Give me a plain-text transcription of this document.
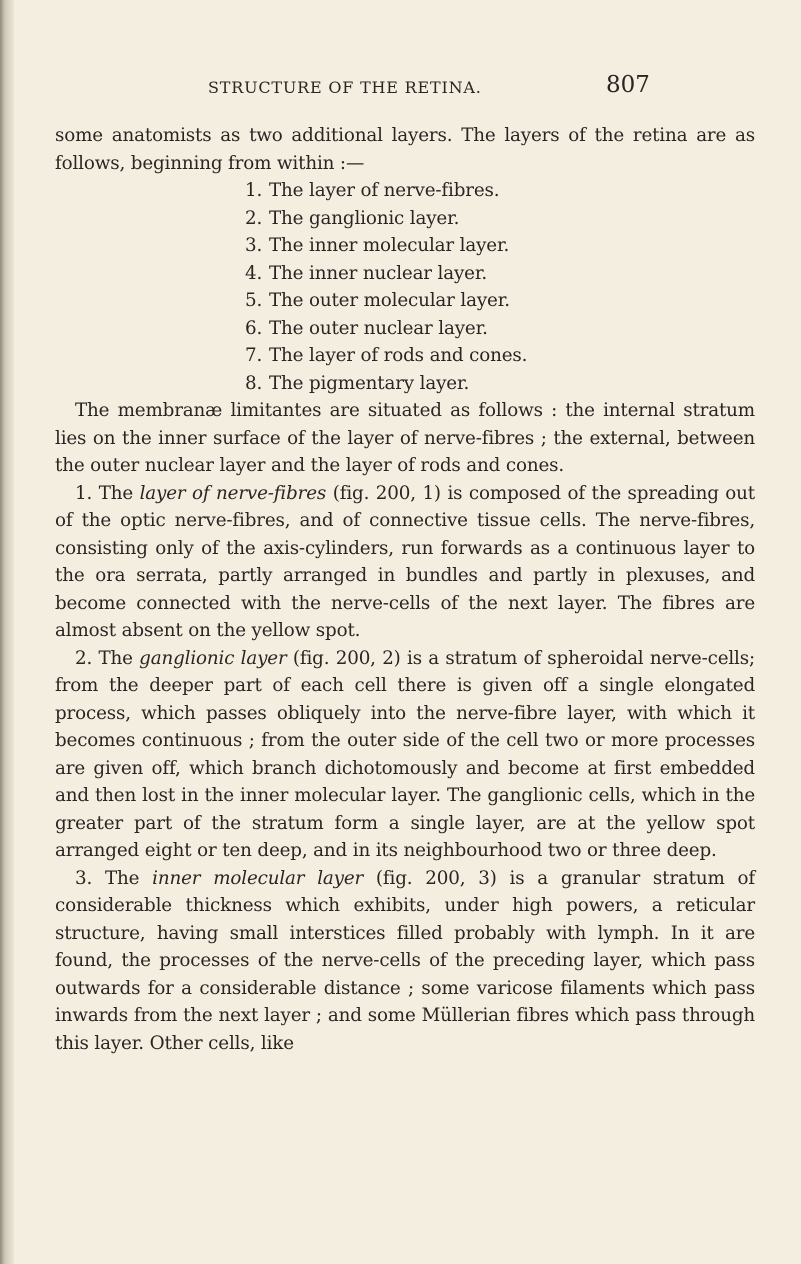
STRUCTURE OF THE RETINA.	807

some anatomists as two additional layers. The layers of the retina are as follows, beginning from within :—

1. The layer of nerve-fibres.
2. The ganglionic layer.
3. The inner molecular layer.
4. The inner nuclear layer.
5. The outer molecular layer.
6. The outer nuclear layer.
7. The layer of rods and cones.
8. The pigmentary layer.

The membranæ limitantes are situated as follows : the internal stratum lies on the inner surface of the layer of nerve-fibres ; the external, between the outer nuclear layer and the layer of rods and cones.

1. The layer of nerve-fibres (fig. 200, 1) is composed of the spreading out of the optic nerve-fibres, and of connective tissue cells. The nerve-fibres, consisting only of the axis-cylinders, run forwards as a continuous layer to the ora serrata, partly arranged in bundles and partly in plexuses, and become connected with the nerve-cells of the next layer. The fibres are almost absent on the yellow spot.

2. The ganglionic layer (fig. 200, 2) is a stratum of spheroidal nerve-cells; from the deeper part of each cell there is given off a single elongated process, which passes obliquely into the nerve-fibre layer, with which it becomes continuous ; from the outer side of the cell two or more processes are given off, which branch dichotomously and become at first embedded and then lost in the inner molecular layer. The ganglionic cells, which in the greater part of the stratum form a single layer, are at the yellow spot arranged eight or ten deep, and in its neighbourhood two or three deep.

3. The inner molecular layer (fig. 200, 3) is a granular stratum of considerable thickness which exhibits, under high powers, a reticular structure, having small interstices filled probably with lymph. In it are found, the processes of the nerve-cells of the preceding layer, which pass outwards for a considerable distance ; some varicose filaments which pass inwards from the next layer ; and some Müllerian fibres which pass through this layer. Other cells, like
